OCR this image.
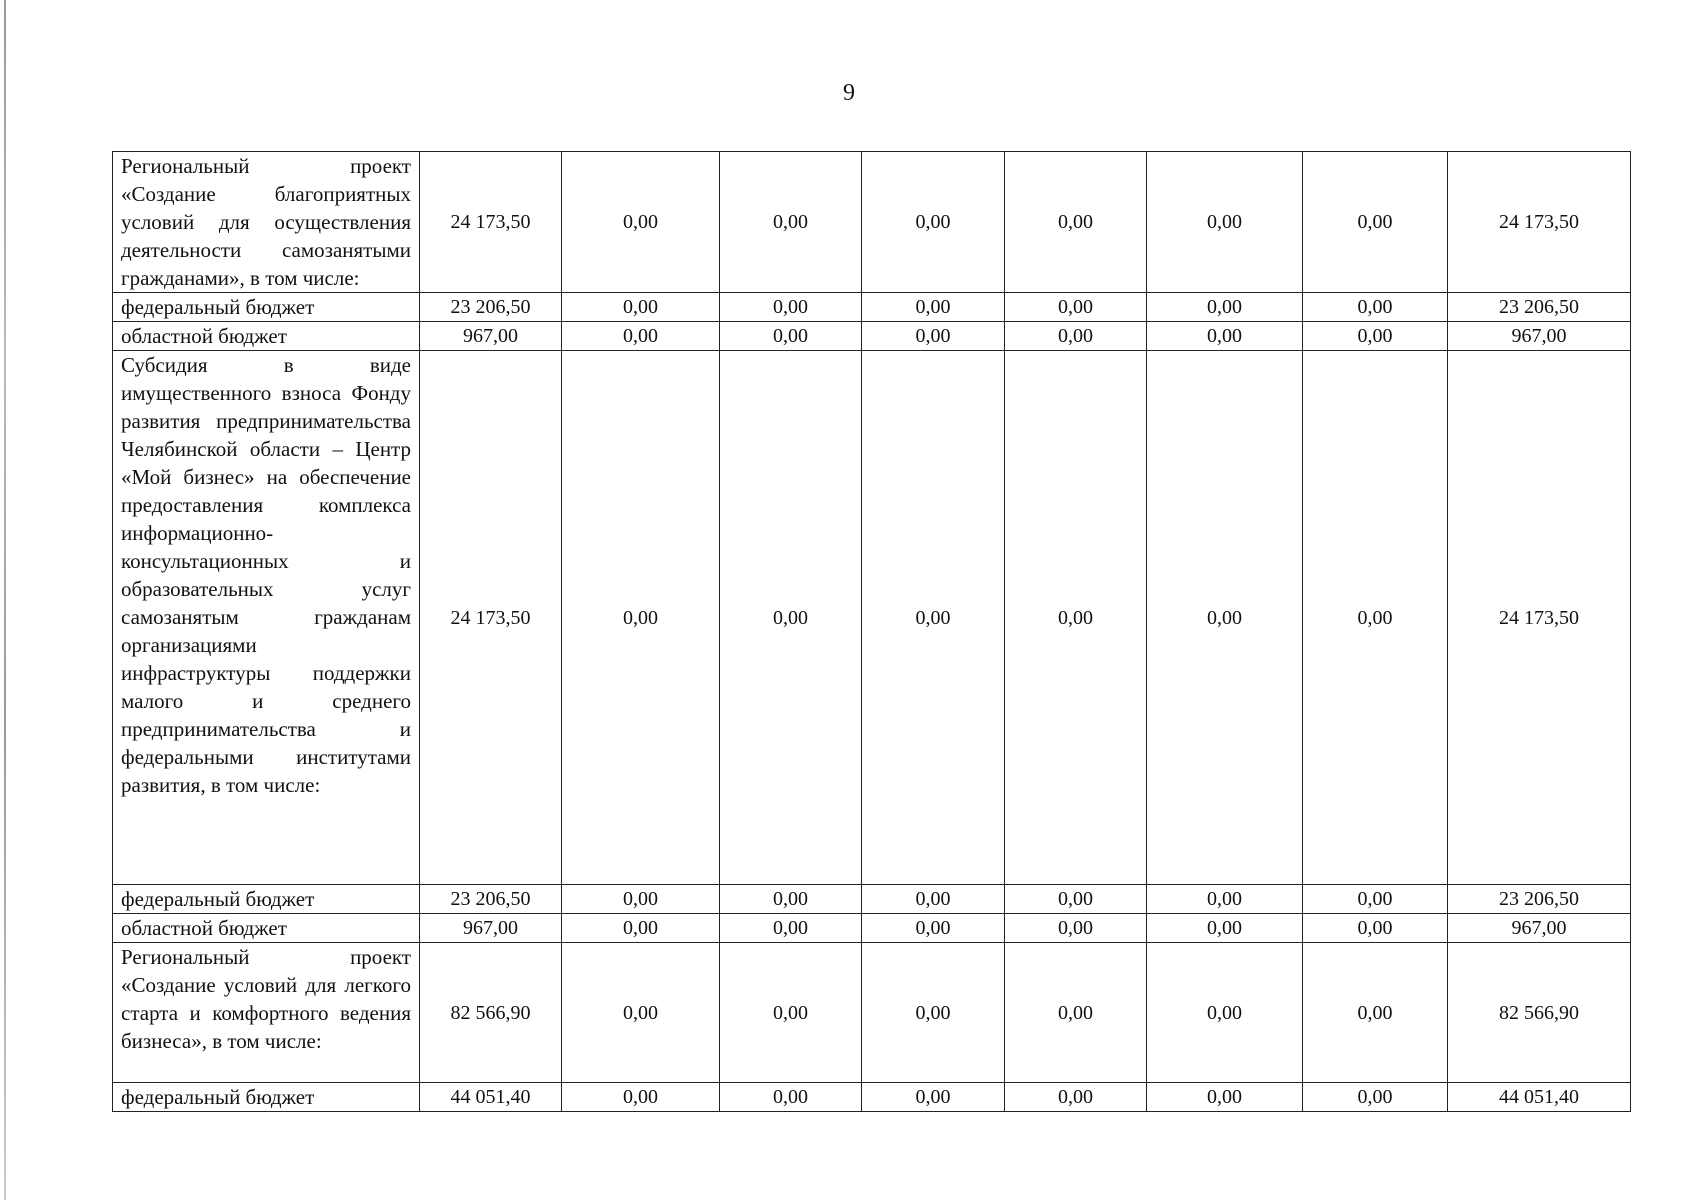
9
Региональный проект «Создание благоприятных условий для осуществления деятельности самозанятыми гражданами», в том числе:	24 173,50	0,00	0,00	0,00	0,00	0,00	0,00	24 173,50
федеральный бюджет	23 206,50	0,00	0,00	0,00	0,00	0,00	0,00	23 206,50
областной бюджет	967,00	0,00	0,00	0,00	0,00	0,00	0,00	967,00
Субсидия в виде имущественного взноса Фонду развития предпринимательства Челябинской области – Центр «Мой бизнес» на обеспечение предоставления комплекса информационно-консультационных и образовательных услуг самозанятым гражданам организациями инфраструктуры поддержки малого и среднего предпринимательства и федеральными институтами развития, в том числе:	24 173,50	0,00	0,00	0,00	0,00	0,00	0,00	24 173,50
федеральный бюджет	23 206,50	0,00	0,00	0,00	0,00	0,00	0,00	23 206,50
областной бюджет	967,00	0,00	0,00	0,00	0,00	0,00	0,00	967,00
Региональный проект «Создание условий для легкого старта и комфортного ведения бизнеса», в том числе:	82 566,90	0,00	0,00	0,00	0,00	0,00	0,00	82 566,90
федеральный бюджет	44 051,40	0,00	0,00	0,00	0,00	0,00	0,00	44 051,40
